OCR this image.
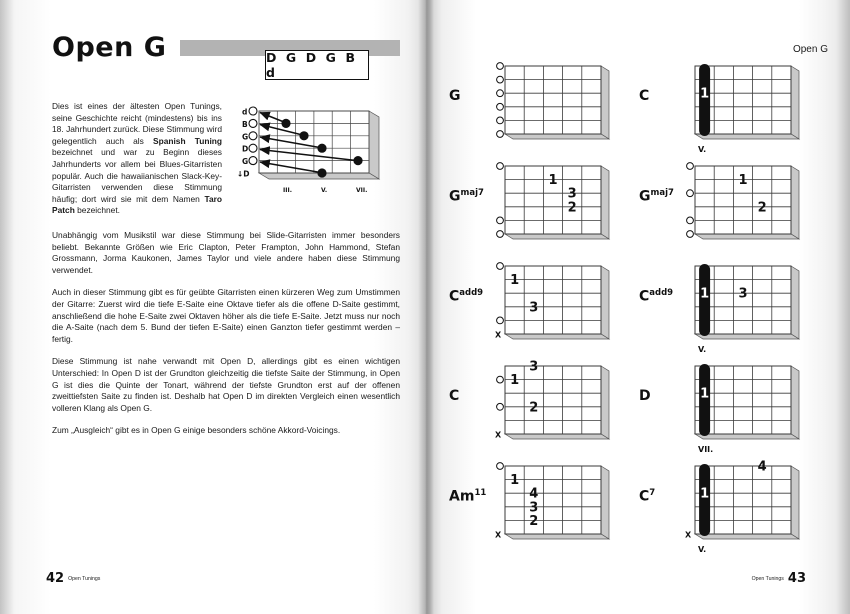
Open G	D G D G B d

Dies ist eines der ältesten Open Tunings, seine Geschichte reicht (mindestens) bis ins 18. Jahrhundert zurück. Diese Stimmung wird gelegentlich auch als Spanish Tuning bezeichnet und war zu Beginn dieses Jahrhunderts vor allem bei Blues-Gitarristen populär. Auch die hawaiianischen Slack-Key-Gitarristen verwenden diese Stimmung häufig; dort wird sie mit dem Namen Taro Patch bezeichnet.

d
B
G
D
G
↓D
III.	V.	VII.

Unabhängig vom Musikstil war diese Stimmung bei Slide-Gitarristen immer besonders beliebt. Bekannte Größen wie Eric Clapton, Peter Frampton, John Hammond, Stefan Grossmann, Jorma Kaukonen, James Taylor und viele andere haben diese Stimmung verwendet.

Auch in dieser Stimmung gibt es für geübte Gitarristen einen kürzeren Weg zum Umstimmen der Gitarre: Zuerst wird die tiefe E-Saite eine Oktave tiefer als die offene D-Saite gestimmt, anschließend die hohe E-Saite zwei Oktaven höher als die tiefe E-Saite. Jetzt muss nur noch die A-Saite (nach dem 5. Bund der tiefen E-Saite) einen Ganzton tiefer gestimmt werden – fertig.

Diese Stimmung ist nahe verwandt mit Open D, allerdings gibt es einen wichtigen Unterschied: In Open D ist der Grundton gleichzeitig die tiefste Saite der Stimmung, in Open G ist dies die Quinte der Tonart, während der tiefste Grundton erst auf der offenen zweittiefsten Saite zu finden ist. Deshalb hat Open D im direkten Vergleich einen wesentlich volleren Klang als Open G.

Zum „Ausgleich“ gibt es in Open G einige besonders schöne Akkord-Voicings.

42 Open Tunings
Open G
G	C	1
V.
$G^{maj7}$
1
3
2
$G^{maj7}$
1
2
$C^{add9}$
X
1
3
$C^{add9}$ 1 3
V.
C
X
3
1
2
D	1
VII.
Am$^{11}$
X
1
4
3
2
$C^7$
X
1
4
V.
Open Tunings 43
